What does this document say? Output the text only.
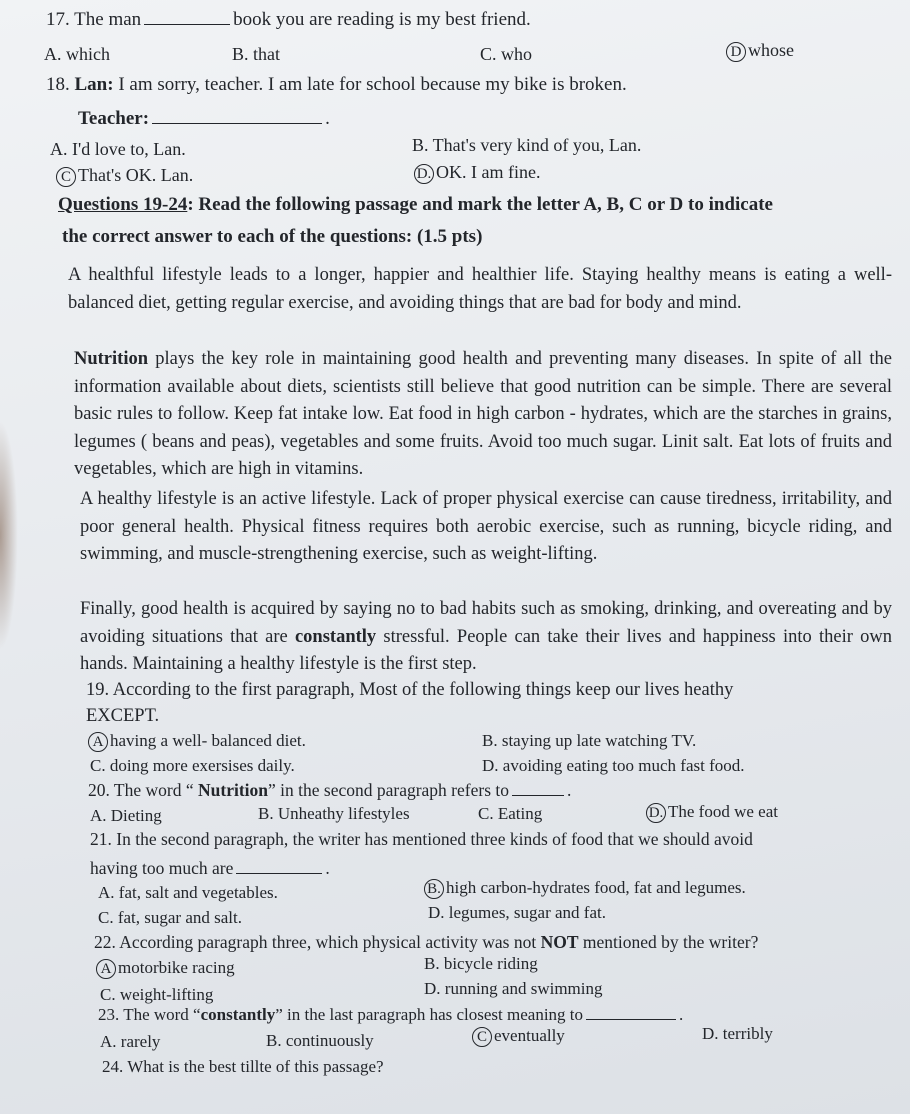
17. The man	book you are reading is my best friend.
A. which	B. that	C. who	D whose
18. Lan: I am sorry, teacher. I am late for school because my bike is broken.
Teacher:	.
A. I'd love to, Lan.	B. That's very kind of you, Lan.
C That's OK. Lan.	D. OK. I am fine.
Questions 19-24: Read the following passage and mark the letter A, B, C or D to indicate
the correct answer to each of the questions: (1.5 pts)
A healthful lifestyle leads to a longer, happier and healthier life. Staying healthy means is eating a well-balanced diet, getting regular exercise, and avoiding things that are bad for body and mind.
Nutrition plays the key role in maintaining good health and preventing many diseases. In spite of all the information available about diets, scientists still believe that good nutrition can be simple. There are several basic rules to follow. Keep fat intake low. Eat food in high carbon - hydrates, which are the starches in grains, legumes ( beans and peas), vegetables and some fruits. Avoid too much sugar. Linit salt. Eat lots of fruits and vegetables, which are high in vitamins.
A healthy lifestyle is an active lifestyle. Lack of proper physical exercise can cause tiredness, irritability, and poor general health. Physical fitness requires both aerobic exercise, such as running, bicycle riding, and swimming, and muscle-strengthening exercise, such as weight-lifting.
Finally, good health is acquired by saying no to bad habits such as smoking, drinking, and overeating and by avoiding situations that are constantly stressful. People can take their lives and happiness into their own hands. Maintaining a healthy lifestyle is the first step.
19. According to the first paragraph, Most of the following things keep our lives heathy
EXCEPT.
A having a well- balanced diet.	B. staying up late watching TV.
C. doing more exersises daily.	D. avoiding eating too much fast food.
20. The word “ Nutrition” in the second paragraph refers to	.
A. Dieting	B. Unheathy lifestyles	C. Eating	D. The food we eat
21. In the second paragraph, the writer has mentioned three kinds of food that we should avoid
having too much are	.
A. fat, salt and vegetables.	B. high carbon-hydrates food, fat and legumes.
C. fat, sugar and salt.	D. legumes, sugar and fat.
22. According paragraph three, which physical activity was not NOT mentioned by the writer?
A motorbike racing	B. bicycle riding
C. weight-lifting	D. running and swimming
23. The word “constantly” in the last paragraph has closest meaning to	.
A. rarely	B. continuously	C eventually	D. terribly
24. What is the best tillte of this passage?
